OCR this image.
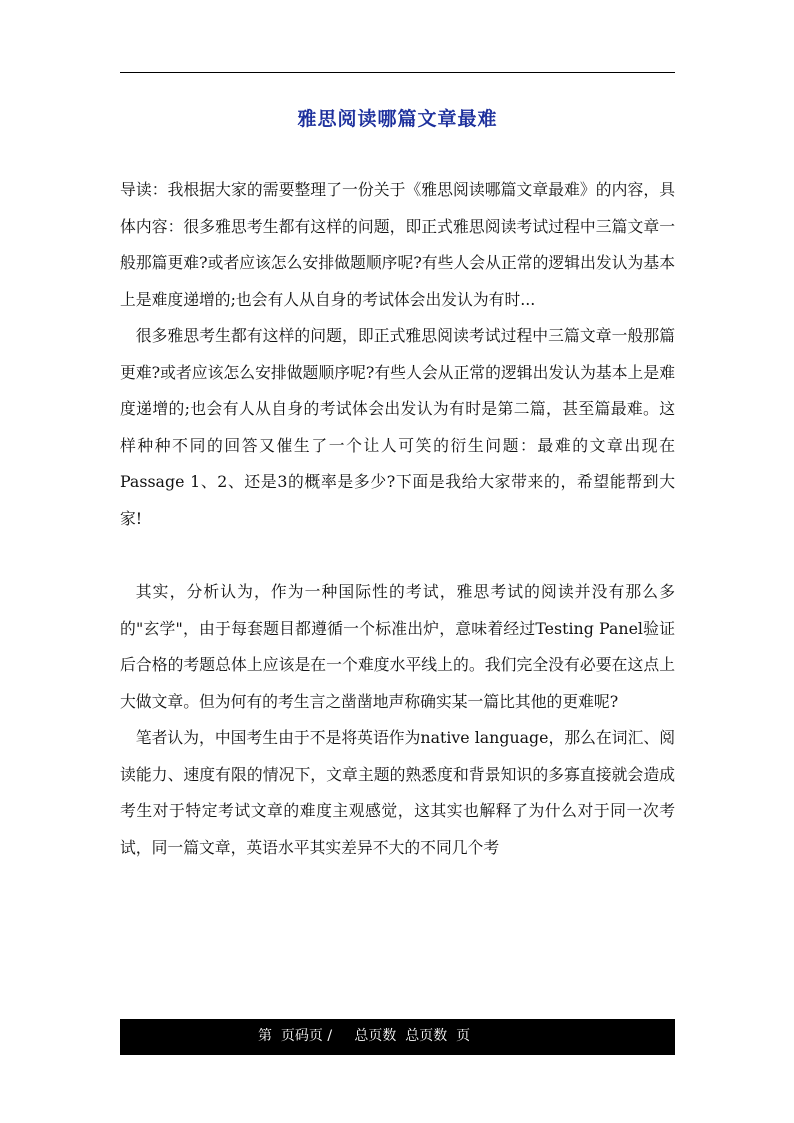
雅思阅读哪篇文章最难

导读：我根据大家的需要整理了一份关于《雅思阅读哪篇文章最难》的内容，具体内容：很多雅思考生都有这样的问题，即正式雅思阅读考试过程中三篇文章一般那篇更难?或者应该怎么安排做题顺序呢?有些人会从正常的逻辑出发认为基本上是难度递增的;也会有人从自身的考试体会出发认为有时...

很多雅思考生都有这样的问题，即正式雅思阅读考试过程中三篇文章一般那篇更难?或者应该怎么安排做题顺序呢?有些人会从正常的逻辑出发认为基本上是难度递增的;也会有人从自身的考试体会出发认为有时是第二篇，甚至篇最难。这样种种不同的回答又催生了一个让人可笑的衍生问题：最难的文章出现在Passage 1、2、还是3的概率是多少?下面是我给大家带来的，希望能帮到大家!

其实，分析认为，作为一种国际性的考试，雅思考试的阅读并没有那么多的"玄学"，由于每套题目都遵循一个标准出炉，意味着经过Testing Panel验证后合格的考题总体上应该是在一个难度水平线上的。我们完全没有必要在这点上大做文章。但为何有的考生言之凿凿地声称确实某一篇比其他的更难呢?

笔者认为，中国考生由于不是将英语作为native language，那么在词汇、阅读能力、速度有限的情况下，文章主题的熟悉度和背景知识的多寡直接就会造成考生对于特定考试文章的难度主观感觉，这其实也解释了为什么对于同一次考试，同一篇文章，英语水平其实差异不大的不同几个考

第  页码页 /     总页数  总页数  页
